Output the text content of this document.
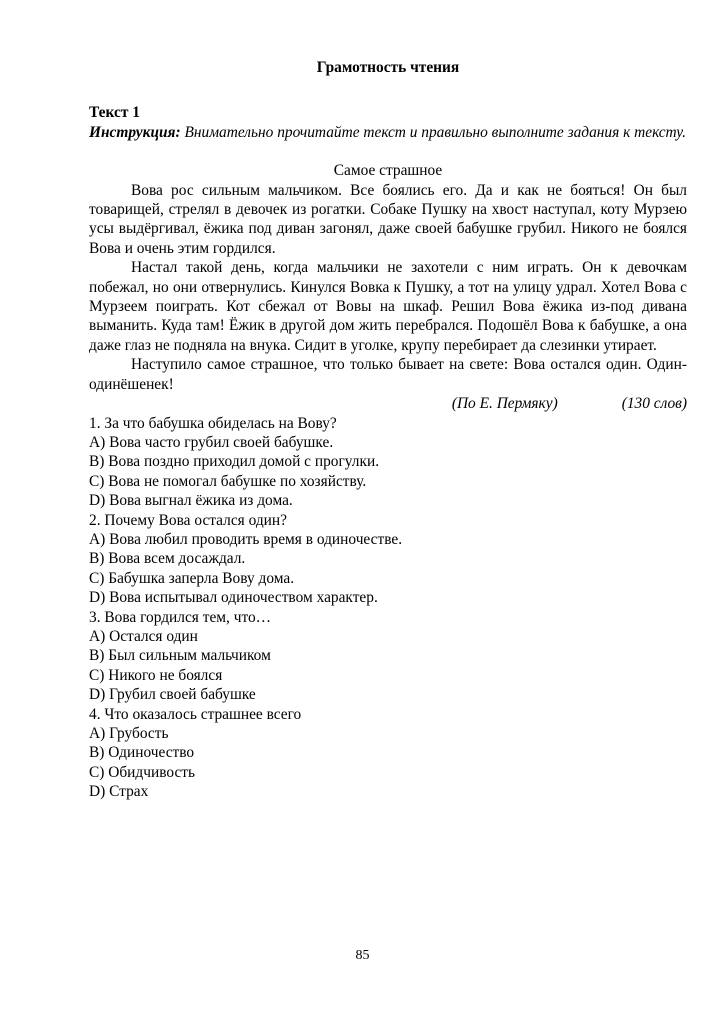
Грамотность чтения

Текст 1

Инструкция: Внимательно прочитайте текст и правильно выполните задания к тексту.

Самое страшное

Вова рос сильным мальчиком. Все боялись его. Да и как не бояться! Он был товарищей, стрелял в девочек из рогатки. Собаке Пушку на хвост наступал, коту Мурзею усы выдёргивал, ёжика под диван загонял, даже своей бабушке грубил. Никого не боялся Вова и очень этим гордился.

Настал такой день, когда мальчики не захотели с ним играть. Он к девочкам побежал, но они отвернулись. Кинулся Вовка к Пушку, а тот на улицу удрал. Хотел Вова с Мурзеем поиграть. Кот сбежал от Вовы на шкаф. Решил Вова ёжика из-под дивана выманить. Куда там! Ёжик в другой дом жить перебрался. Подошёл Вова к бабушке, а она даже глаз не подняла на внука. Сидит в уголке, крупу перебирает да слезинки утирает.

Наступило самое страшное, что только бывает на свете: Вова остался один. Один-одинёшенек!

(По Е. Пермяку)	(130 слов)

1. За что бабушка обиделась на Вову?

A) Вова часто грубил своей бабушке.

B) Вова поздно приходил домой с прогулки.

C) Вова не помогал бабушке по хозяйству.

D) Вова выгнал ёжика из дома.

2. Почему Вова остался один?

A) Вова любил проводить время в одиночестве.

B) Вова всем досаждал.

C) Бабушка заперла Вову дома.

D) Вова испытывал одиночеством характер.

3. Вова гордился тем, что…

A) Остался один

B) Был сильным мальчиком

C) Никого не боялся

D) Грубил своей бабушке

4. Что оказалось страшнее всего

A) Грубость

B) Одиночество

C) Обидчивость

D) Страх

85
